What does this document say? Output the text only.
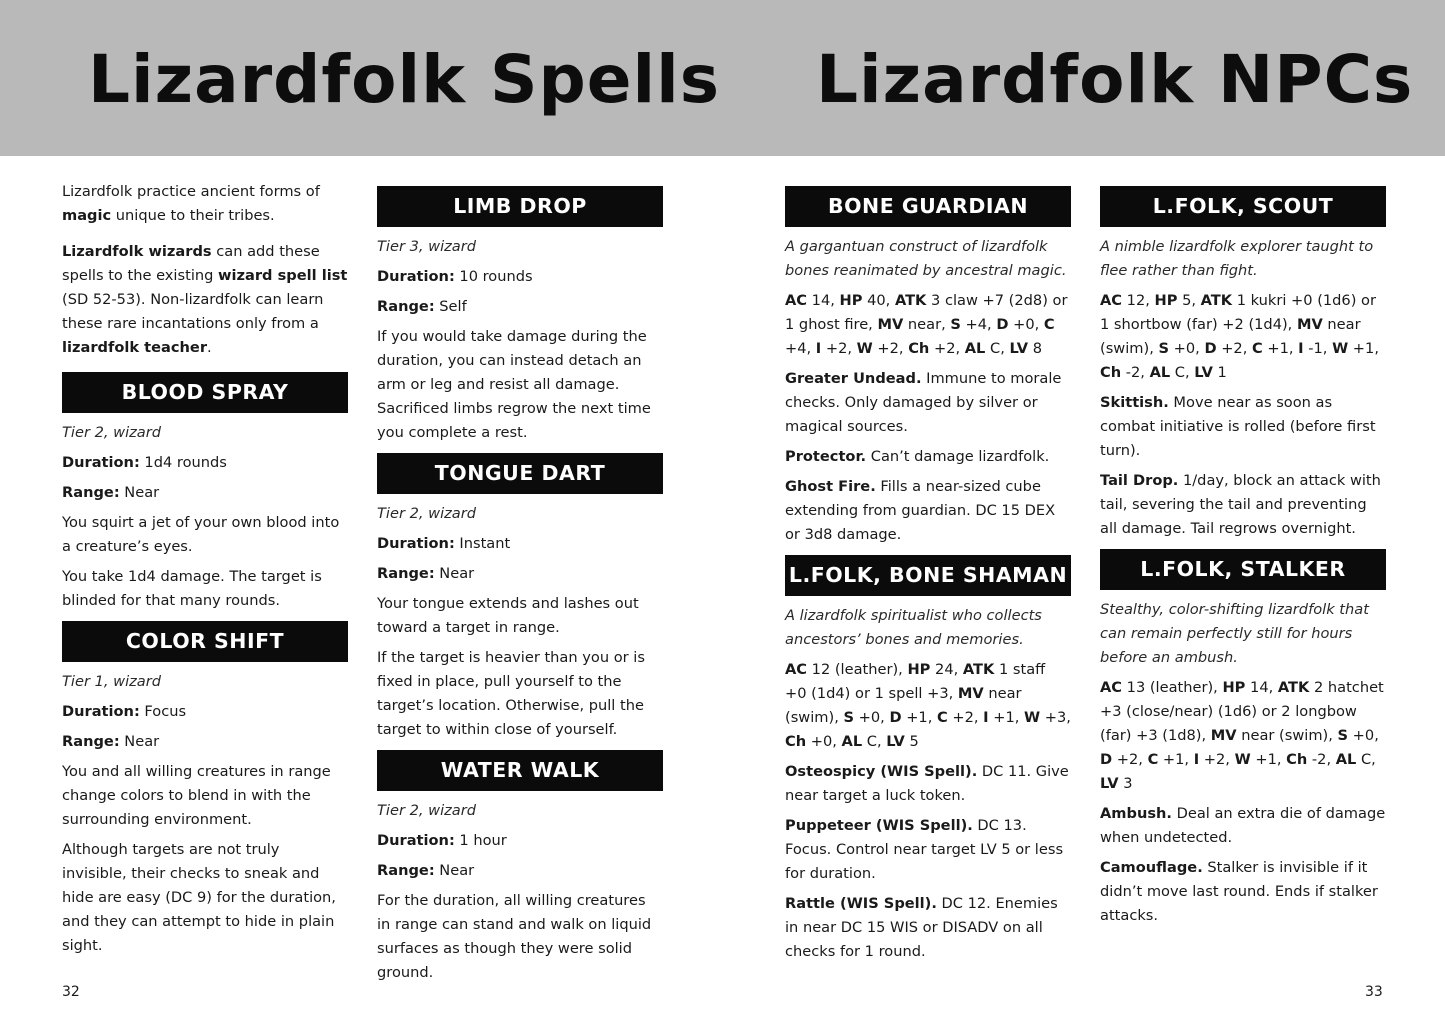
Lizardfolk Spells Lizardfolk NPCs

Lizardfolk practice ancient forms of magic unique to their tribes.

Lizardfolk wizards can add these spells to the existing wizard spell list (SD 52-53). Non-lizardfolk can learn these rare incantations only from a lizardfolk teacher.

BLOOD SPRAY
Tier 2, wizard
Duration: 1d4 rounds
Range: Near

You squirt a jet of your own blood into a creature’s eyes.

You take 1d4 damage. The target is blinded for that many rounds.

COLOR SHIFT
Tier 1, wizard
Duration: Focus
Range: Near

You and all willing creatures in range change colors to blend in with the surrounding environment.

Although targets are not truly invisible, their checks to sneak and hide are easy (DC 9) for the duration, and they can attempt to hide in plain sight.

LIMB DROP
Tier 3, wizard
Duration: 10 rounds
Range: Self

If you would take damage during the duration, you can instead detach an arm or leg and resist all damage. Sacrificed limbs regrow the next time you complete a rest.

TONGUE DART
Tier 2, wizard
Duration: Instant
Range: Near

Your tongue extends and lashes out toward a target in range.

If the target is heavier than you or is fixed in place, pull yourself to the target’s location. Otherwise, pull the target to within close of yourself.

WATER WALK
Tier 2, wizard
Duration: 1 hour
Range: Near

For the duration, all willing creatures in range can stand and walk on liquid surfaces as though they were solid ground.

BONE GUARDIAN
A gargantuan construct of lizardfolk bones reanimated by ancestral magic.

AC 14, HP 40, ATK 3 claw +7 (2d8) or 1 ghost fire, MV near, S +4, D +0, C +4, I +2, W +2, Ch +2, AL C, LV 8

Greater Undead. Immune to morale checks. Only damaged by silver or magical sources.

Protector. Can’t damage lizardfolk.

Ghost Fire. Fills a near-sized cube extending from guardian. DC 15 DEX or 3d8 damage.

L.FOLK, BONE SHAMAN
A lizardfolk spiritualist who collects ancestors’ bones and memories.

AC 12 (leather), HP 24, ATK 1 staff +0 (1d4) or 1 spell +3, MV near (swim), S +0, D +1, C +2, I +1, W +3, Ch +0, AL C, LV 5

Osteospicy (WIS Spell). DC 11. Give near target a luck token.

Puppeteer (WIS Spell). DC 13. Focus. Control near target LV 5 or less for duration.

Rattle (WIS Spell). DC 12. Enemies in near DC 15 WIS or DISADV on all checks for 1 round.

L.FOLK, SCOUT
A nimble lizardfolk explorer taught to flee rather than fight.

AC 12, HP 5, ATK 1 kukri +0 (1d6) or 1 shortbow (far) +2 (1d4), MV near (swim), S +0, D +2, C +1, I -1, W +1, Ch -2, AL C, LV 1

Skittish. Move near as soon as combat initiative is rolled (before first turn).

Tail Drop. 1/day, block an attack with tail, severing the tail and preventing all damage. Tail regrows overnight.

L.FOLK, STALKER
Stealthy, color-shifting lizardfolk that can remain perfectly still for hours before an ambush.

AC 13 (leather), HP 14, ATK 2 hatchet +3 (close/near) (1d6) or 2 longbow (far) +3 (1d8), MV near (swim), S +0, D +2, C +1, I +2, W +1, Ch -2, AL C, LV 3

Ambush. Deal an extra die of damage when undetected.

Camouflage. Stalker is invisible if it didn’t move last round. Ends if stalker attacks.

32	33
